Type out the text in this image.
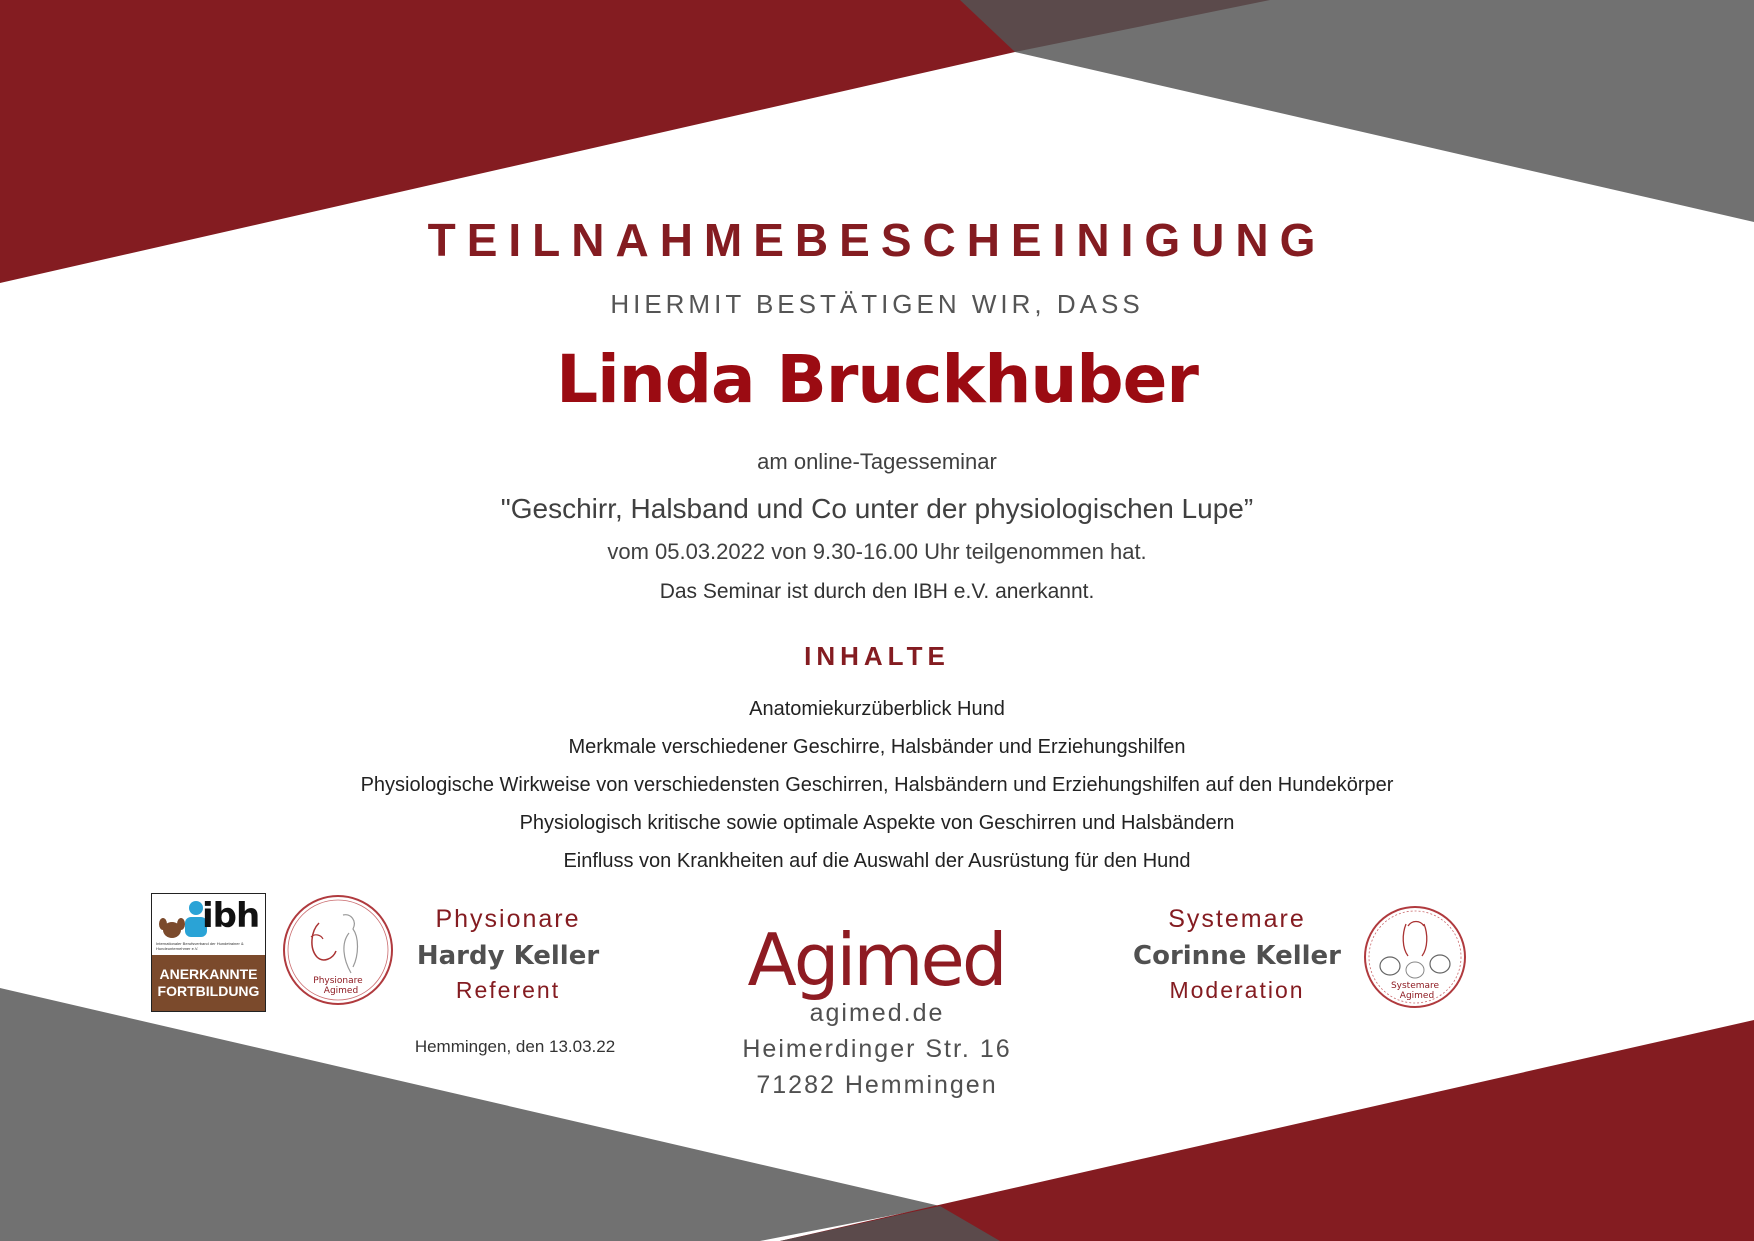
TEILNAHMEBESCHEINIGUNG
HIERMIT BESTÄTIGEN WIR, DASS
Linda Bruckhuber
am online-Tagesseminar
"Geschirr, Halsband und Co unter der physiologischen Lupe”
vom 05.03.2022 von 9.30-16.00 Uhr teilgenommen hat.
Das Seminar ist durch den IBH e.V. anerkannt.
INHALTE
Anatomiekurzüberblick Hund
Merkmale verschiedener Geschirre, Halsbänder und Erziehungshilfen
Physiologische Wirkweise von verschiedensten Geschirren, Halsbändern und Erziehungshilfen auf den Hundekörper
Physiologisch kritische sowie optimale Aspekte von Geschirren und Halsbändern
Einfluss von Krankheiten auf die Auswahl der Ausrüstung für den Hund
ibh
Internationaler Berufsverband der Hundetrainer & Hundeunternehmer e.V.
ANERKANNTE
FORTBILDUNG
Physionare
Agimed
Physionare
Hardy Keller
Referent
Hemmingen, den 13.03.22
Agimed
agimed.de
Heimerdinger Str. 16
71282 Hemmingen
Systemare
Corinne Keller
Moderation	Systemare
Agimed
